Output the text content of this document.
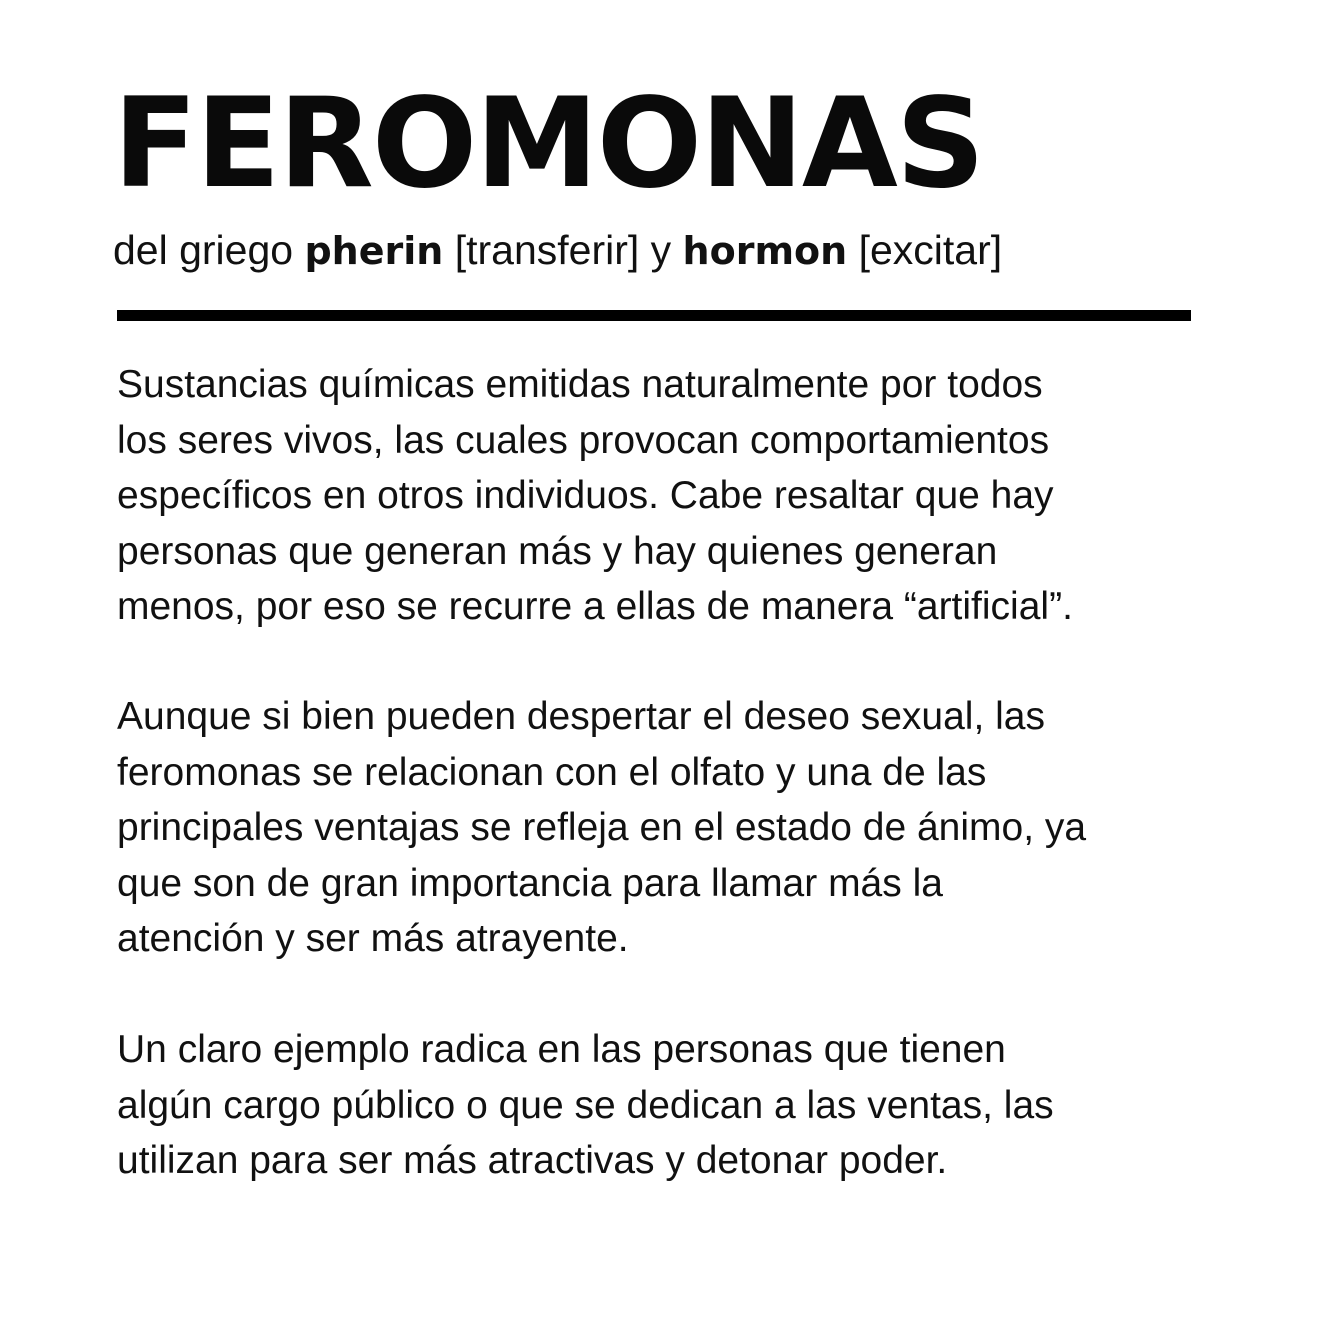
FEROMONAS

del griego pherin [transferir] y hormon [excitar]

Sustancias químicas emitidas naturalmente por todos
los seres vivos, las cuales provocan comportamientos
específicos en otros individuos. Cabe resaltar que hay
personas que generan más y hay quienes generan
menos, por eso se recurre a ellas de manera “artificial”.

Aunque si bien pueden despertar el deseo sexual, las
feromonas se relacionan con el olfato y una de las
principales ventajas se refleja en el estado de ánimo, ya
que son de gran importancia para llamar más la
atención y ser más atrayente.

Un claro ejemplo radica en las personas que tienen
algún cargo público o que se dedican a las ventas, las
utilizan para ser más atractivas y detonar poder.
